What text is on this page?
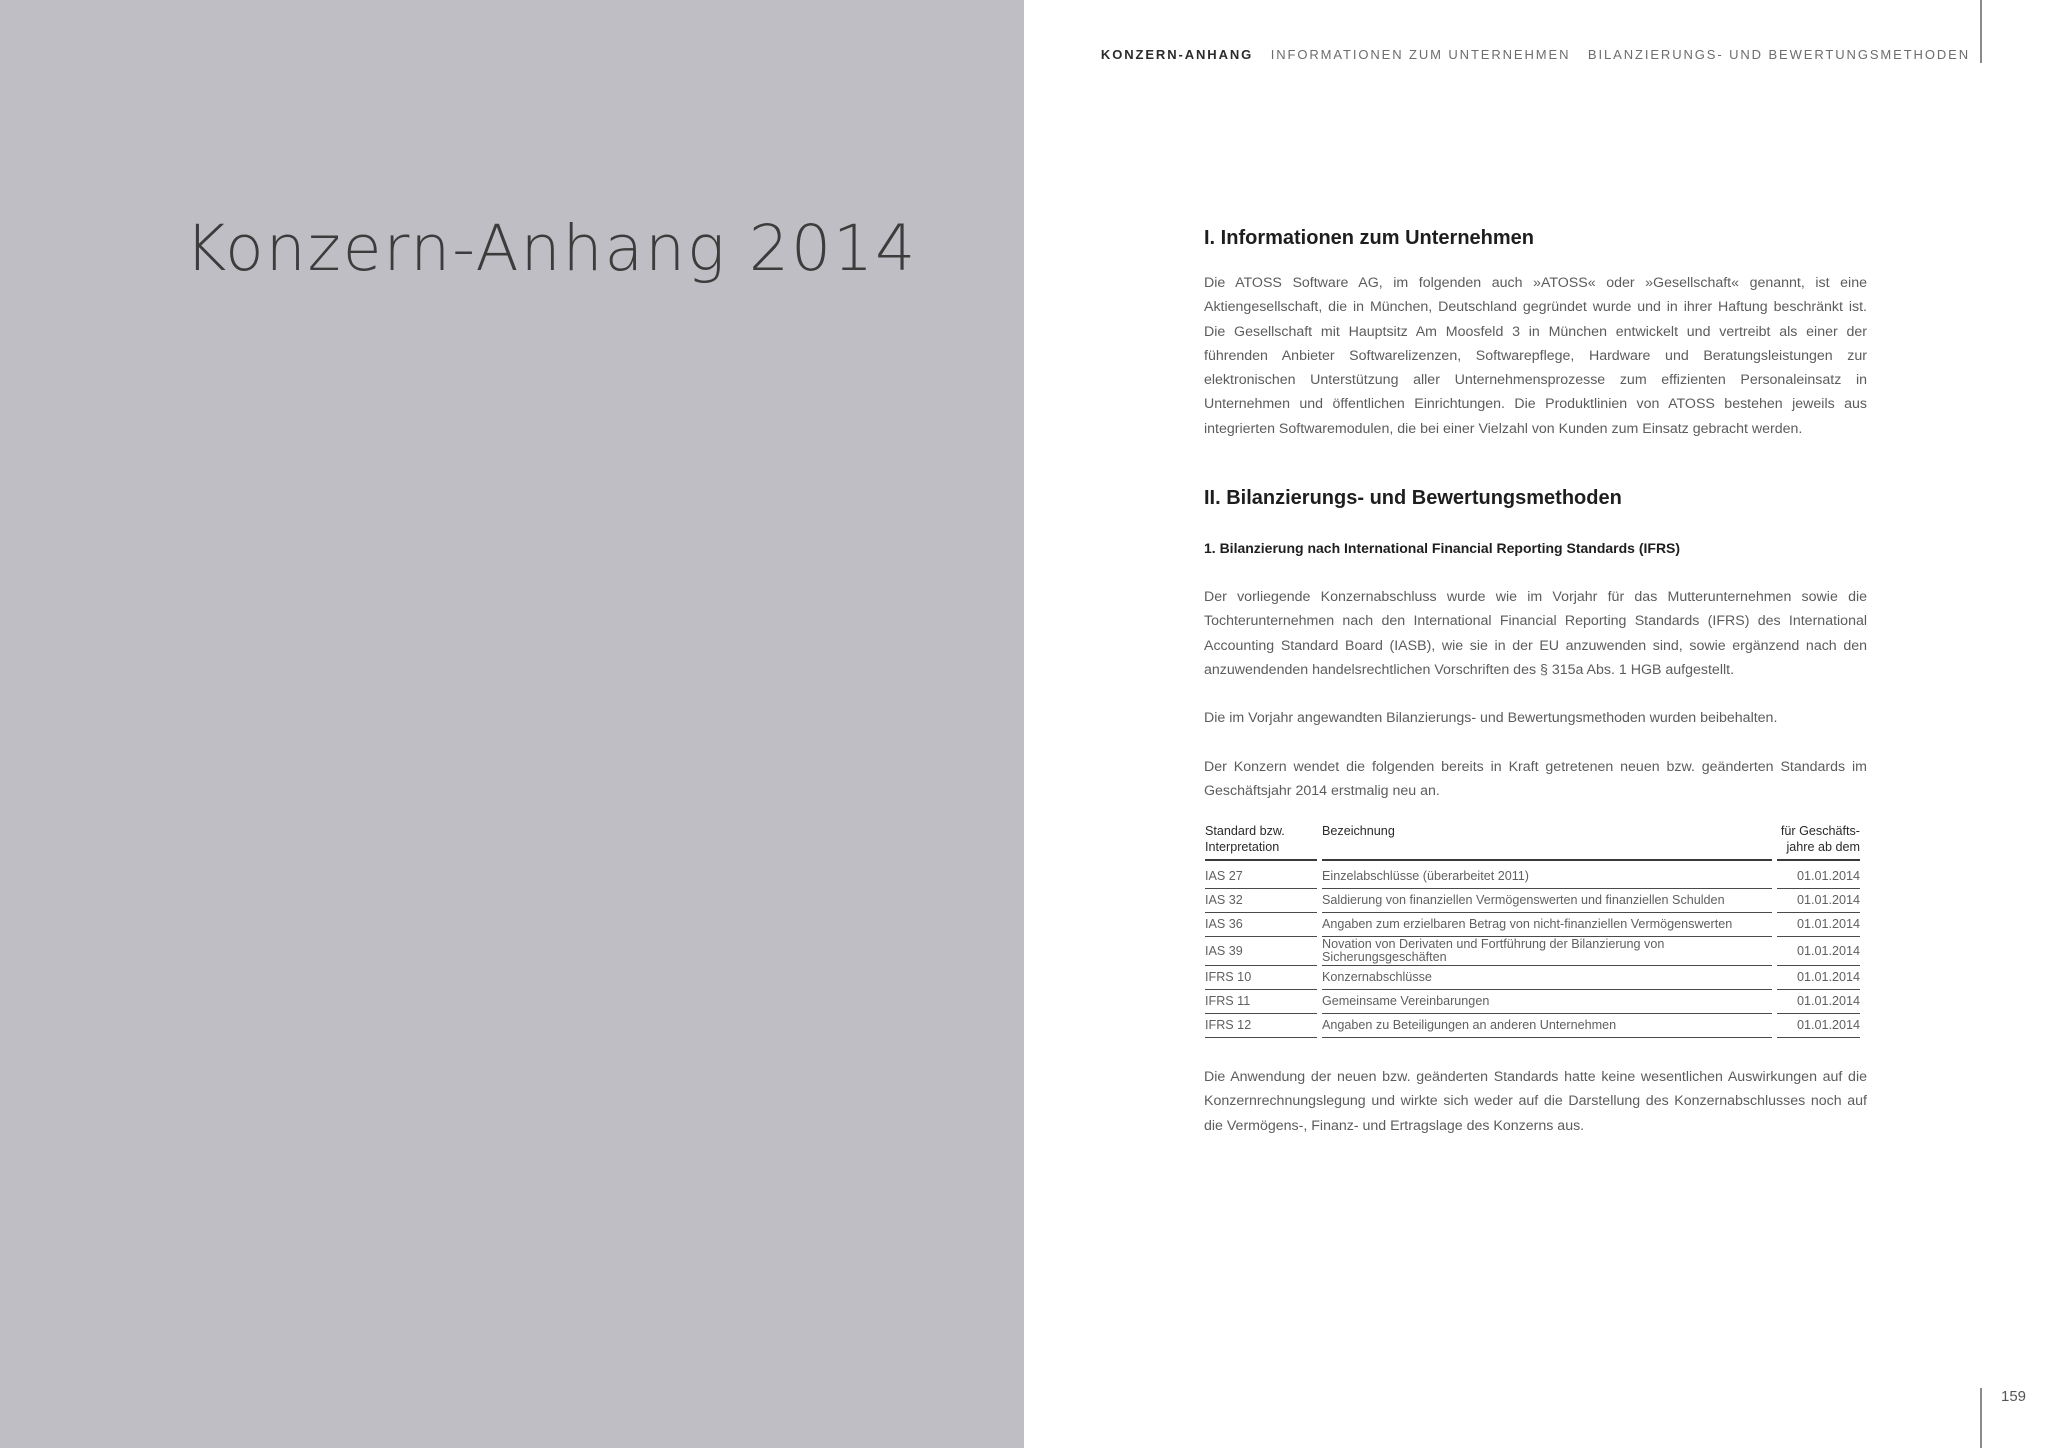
Konzern-Anhang 2014
KONZERN-ANHANG INFORMATIONEN ZUM UNTERNEHMEN BILANZIERUNGS- UND BEWERTUNGSMETHODEN
I. Informationen zum Unternehmen

Die ATOSS Software AG, im folgenden auch »ATOSS« oder »Gesellschaft« genannt, ist eine Aktiengesellschaft, die in München, Deutschland gegründet wurde und in ihrer Haftung beschränkt ist. Die Gesellschaft mit Hauptsitz Am Moosfeld 3 in München entwickelt und vertreibt als einer der führenden Anbieter Softwarelizenzen, Softwarepflege, Hardware und Beratungsleistungen zur elektronischen Unterstützung aller Unternehmensprozesse zum effizienten Personaleinsatz in Unternehmen und öffentlichen Einrichtungen. Die Produktlinien von ATOSS bestehen jeweils aus integrierten Softwaremodulen, die bei einer Vielzahl von Kunden zum Einsatz gebracht werden.

II. Bilanzierungs- und Bewertungsmethoden
1. Bilanzierung nach International Financial Reporting Standards (IFRS)

Der vorliegende Konzernabschluss wurde wie im Vorjahr für das Mutterunternehmen sowie die Tochterunternehmen nach den International Financial Reporting Standards (IFRS) des International Accounting Standard Board (IASB), wie sie in der EU anzuwenden sind, sowie ergänzend nach den anzuwendenden handelsrechtlichen Vorschriften des § 315a Abs. 1 HGB aufgestellt.

Die im Vorjahr angewandten Bilanzierungs- und Bewertungsmethoden wurden beibehalten.

Der Konzern wendet die folgenden bereits in Kraft getretenen neuen bzw. geänderten Standards im Geschäftsjahr 2014 erstmalig neu an.

Standard bzw.
Interpretation	Bezeichnung	für Geschäfts-
jahre ab dem
IAS 27	Einzelabschlüsse (überarbeitet 2011)	01.01.2014
IAS 32	Saldierung von finanziellen Vermögenswerten und finanziellen Schulden	01.01.2014
IAS 36	Angaben zum erzielbaren Betrag von nicht-finanziellen Vermögenswerten	01.01.2014
IAS 39	Novation von Derivaten und Fortführung der Bilanzierung von Sicherungsgeschäften	01.01.2014
IFRS 10	Konzernabschlüsse	01.01.2014
IFRS 11	Gemeinsame Vereinbarungen	01.01.2014
IFRS 12	Angaben zu Beteiligungen an anderen Unternehmen	01.01.2014

Die Anwendung der neuen bzw. geänderten Standards hatte keine wesentlichen Auswirkungen auf die Konzernrechnungslegung und wirkte sich weder auf die Darstellung des Konzernabschlusses noch auf die Vermögens-, Finanz- und Ertragslage des Konzerns aus.

159
